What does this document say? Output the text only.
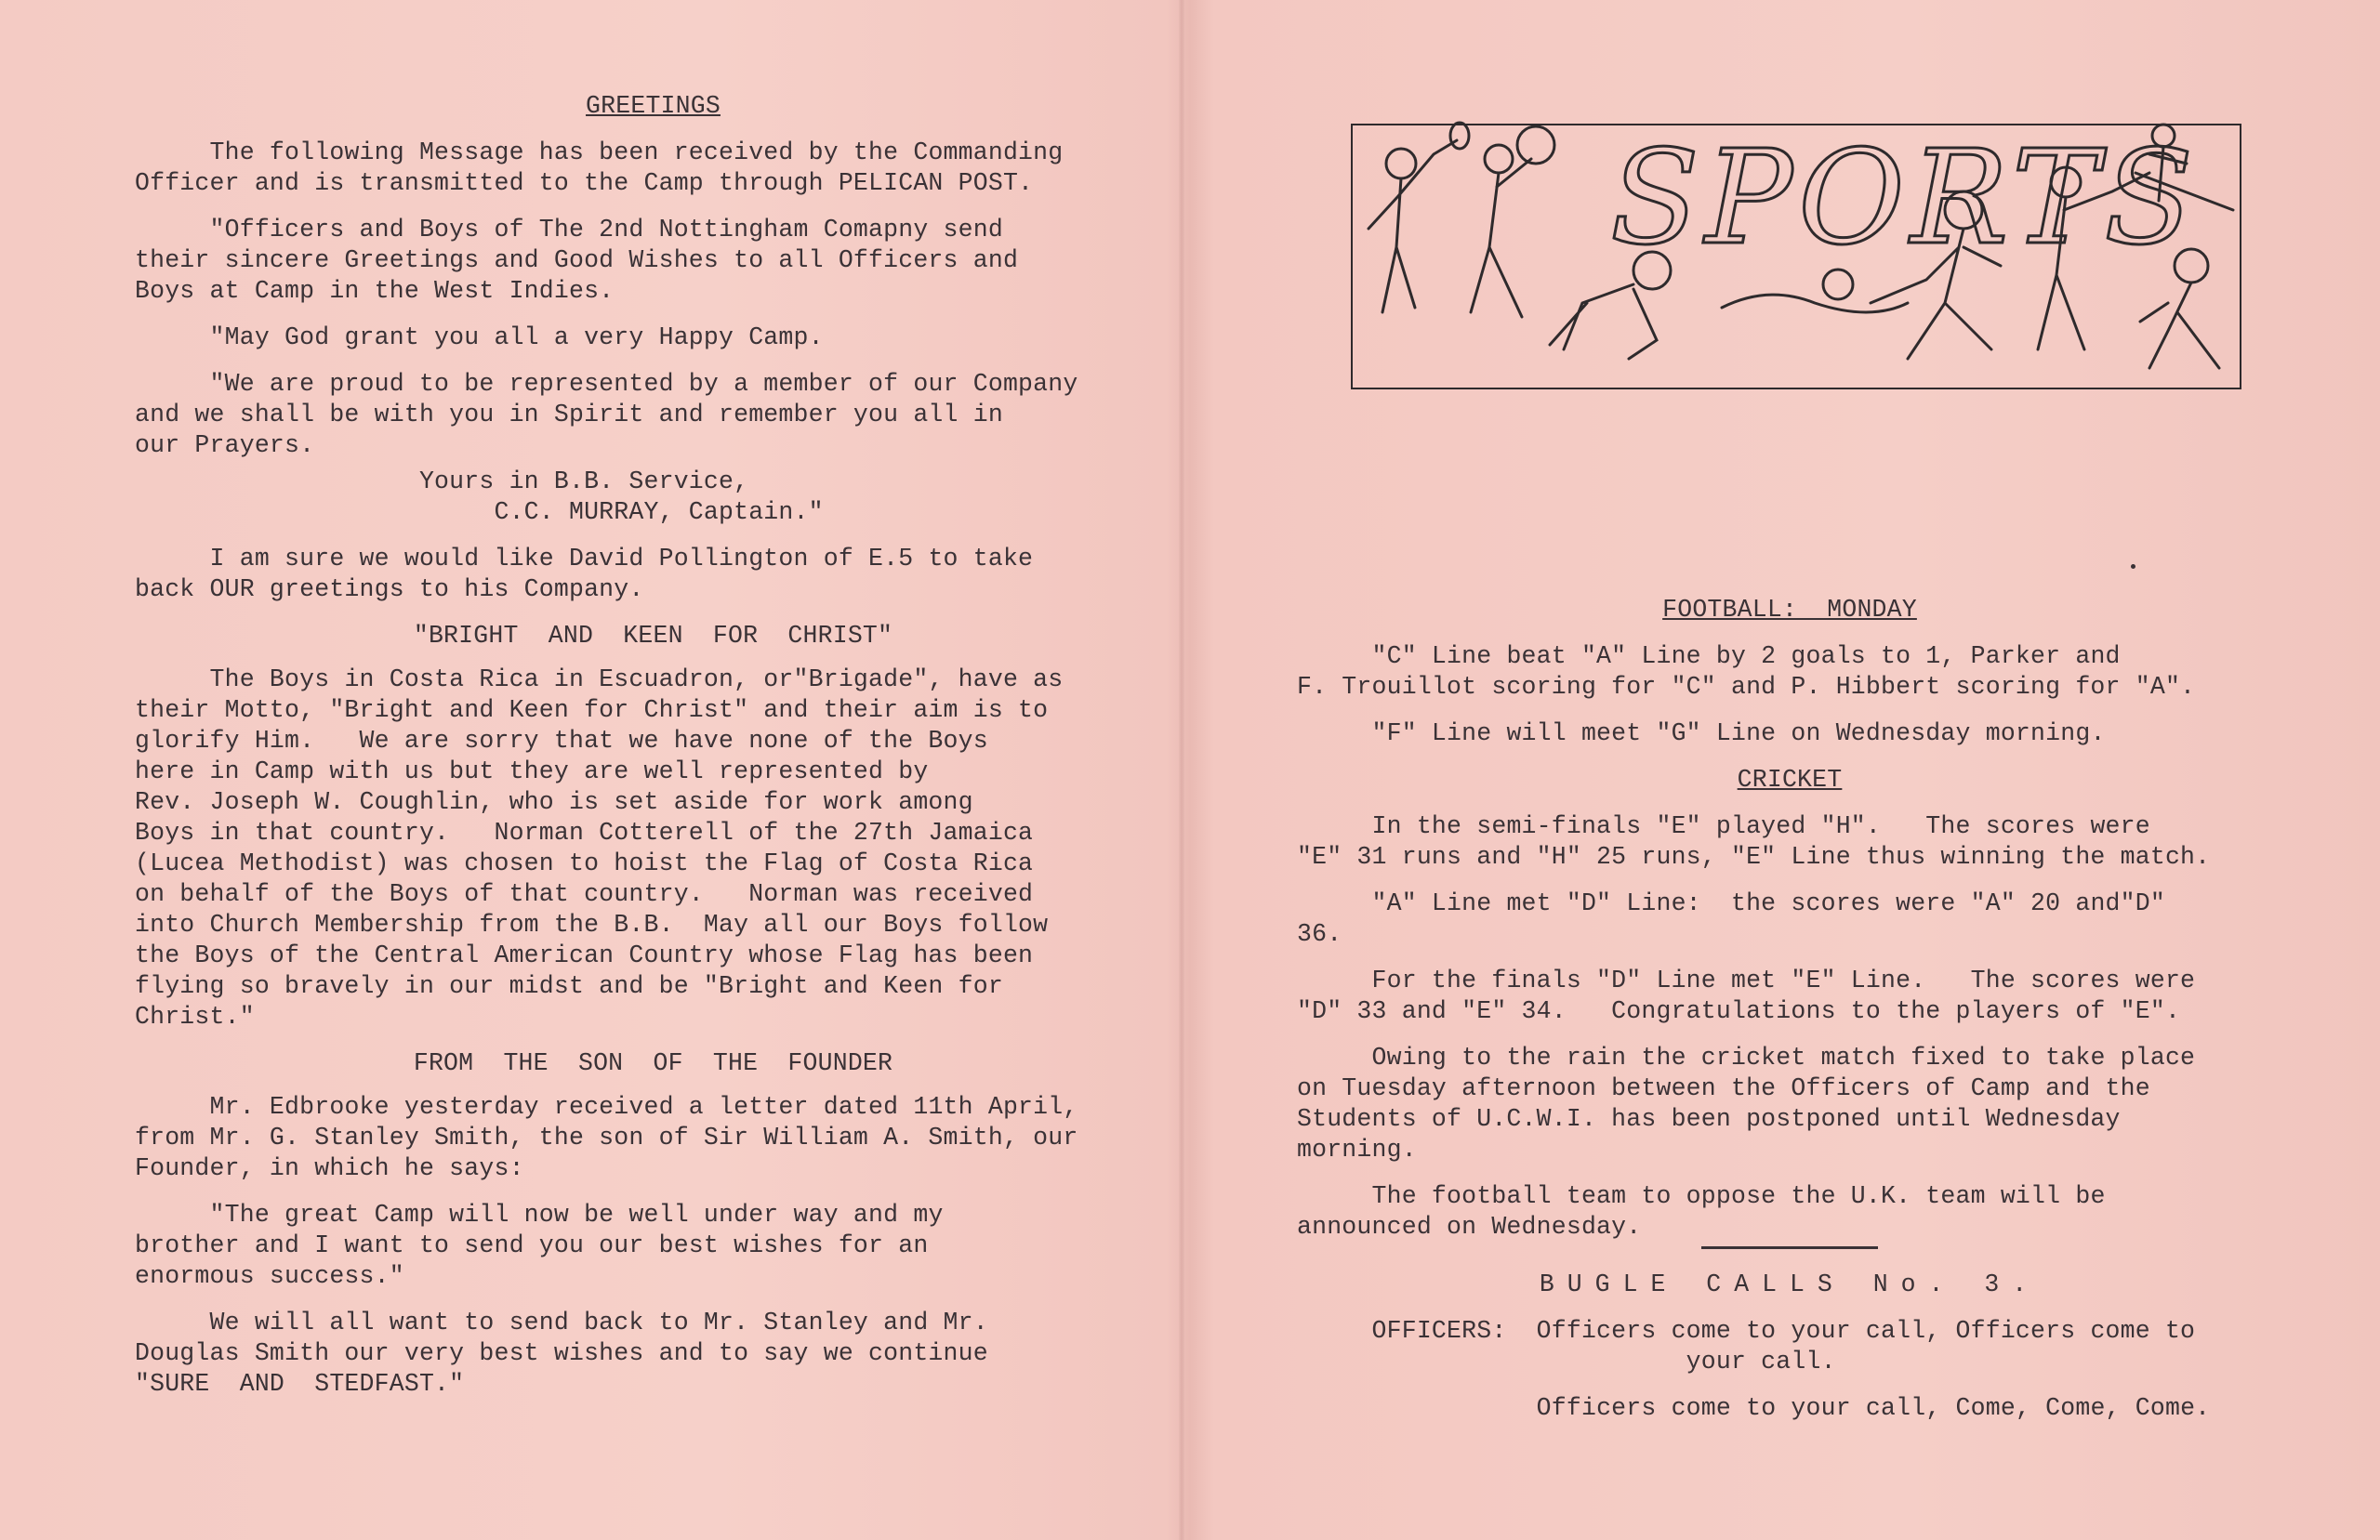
GREETINGS

The following Message has been received by the Commanding
Officer and is transmitted to the Camp through PELICAN POST.

"Officers and Boys of The 2nd Nottingham Comapny send
their sincere Greetings and Good Wishes to all Officers and
Boys at Camp in the West Indies.

"May God grant you all a very Happy Camp.

"We are proud to be represented by a member of our Company
and we shall be with you in Spirit and remember you all in
our Prayers.

Yours in B.B. Service,
C.C. MURRAY, Captain."

I am sure we would like David Pollington of E.5 to take
back OUR greetings to his Company.

"BRIGHT  AND  KEEN  FOR  CHRIST"

The Boys in Costa Rica in Escuadron, or"Brigade", have as
their Motto, "Bright and Keen for Christ" and their aim is to
glorify Him.   We are sorry that we have none of the Boys
here in Camp with us but they are well represented by
Rev. Joseph W. Coughlin, who is set aside for work among
Boys in that country.   Norman Cotterell of the 27th Jamaica
(Lucea Methodist) was chosen to hoist the Flag of Costa Rica
on behalf of the Boys of that country.   Norman was received
into Church Membership from the B.B.  May all our Boys follow
the Boys of the Central American Country whose Flag has been
flying so bravely in our midst and be "Bright and Keen for
Christ."

FROM  THE  SON  OF  THE  FOUNDER

Mr. Edbrooke yesterday received a letter dated 11th April,
from Mr. G. Stanley Smith, the son of Sir William A. Smith, our
Founder, in which he says:

"The great Camp will now be well under way and my
brother and I want to send you our best wishes for an
enormous success."

We will all want to send back to Mr. Stanley and Mr.
Douglas Smith our very best wishes and to say we continue
"SURE  AND  STEDFAST."

SPORTS

FOOTBALL:  MONDAY

"C" Line beat "A" Line by 2 goals to 1, Parker and
F. Trouillot scoring for "C" and P. Hibbert scoring for "A".

"F" Line will meet "G" Line on Wednesday morning.

CRICKET

In the semi-finals "E" played "H".   The scores were
"E" 31 runs and "H" 25 runs, "E" Line thus winning the match.

"A" Line met "D" Line:  the scores were "A" 20 and"D"
36.

For the finals "D" Line met "E" Line.   The scores were
"D" 33 and "E" 34.   Congratulations to the players of "E".

Owing to the rain the cricket match fixed to take place
on Tuesday afternoon between the Officers of Camp and the
Students of U.C.W.I. has been postponed until Wednesday
morning.

The football team to oppose the U.K. team will be
announced on Wednesday.

BUGLE CALLS No. 3.

OFFICERS:  Officers come to your call, Officers come to
your call.

Officers come to your call, Come, Come, Come.
